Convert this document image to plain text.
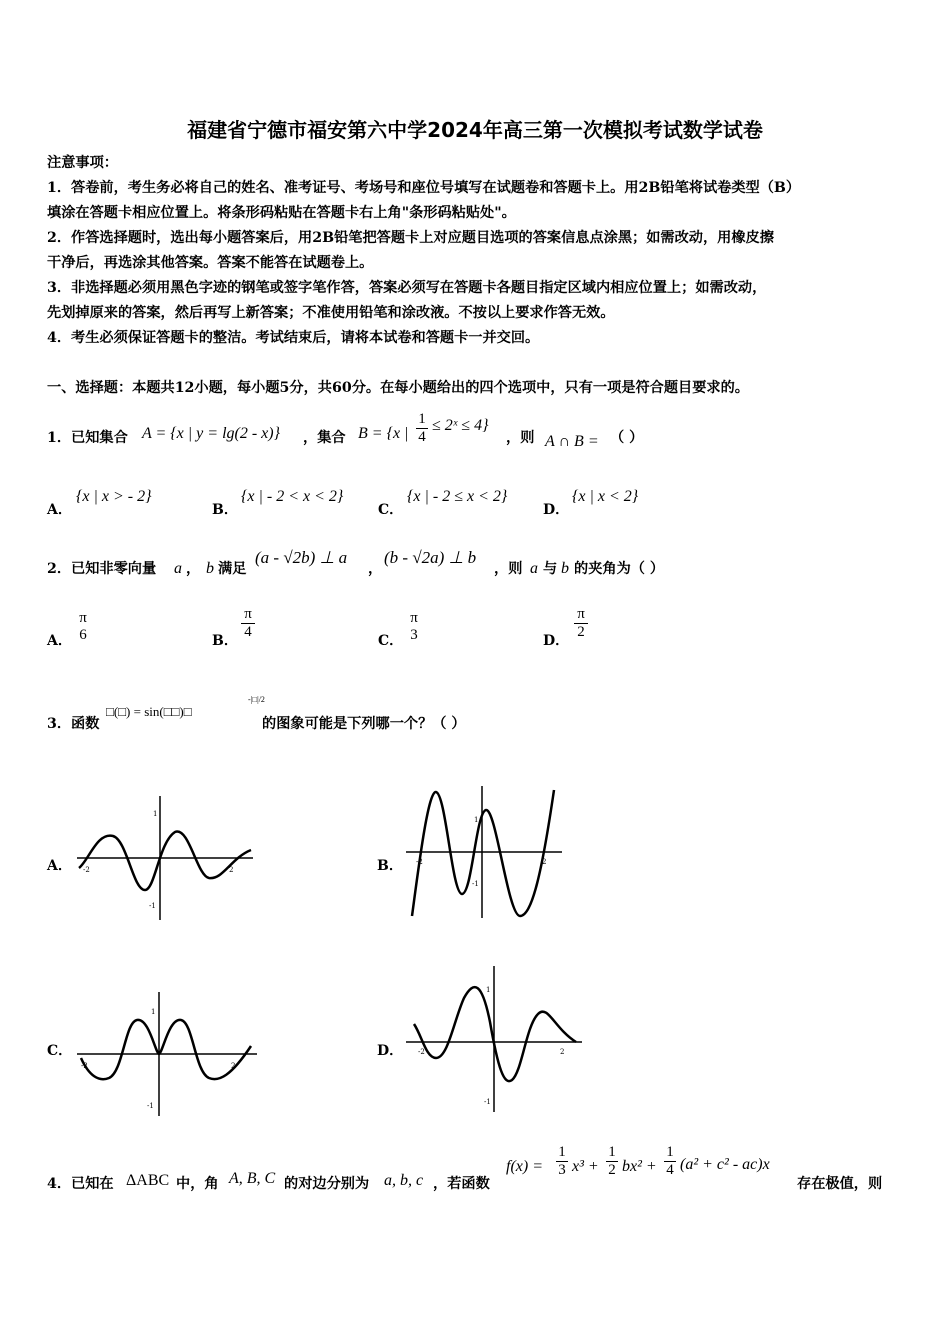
福建省宁德市福安第六中学2024年高三第一次模拟考试数学试卷
注意事项：
1．答卷前，考生务必将自己的姓名、准考证号、考场号和座位号填写在试题卷和答题卡上。用2B铅笔将试卷类型（B）
填涂在答题卡相应位置上。将条形码粘贴在答题卡右上角"条形码粘贴处"。
2．作答选择题时，选出每小题答案后，用2B铅笔把答题卡上对应题目选项的答案信息点涂黑；如需改动，用橡皮擦
干净后，再选涂其他答案。答案不能答在试题卷上。
3．非选择题必须用黑色字迹的钢笔或签字笔作答，答案必须写在答题卡各题目指定区域内相应位置上；如需改动，
先划掉原来的答案，然后再写上新答案；不准使用铅笔和涂改液。不按以上要求作答无效。
4．考生必须保证答题卡的整洁。考试结束后，请将本试卷和答题卡一并交回。
一、选择题：本题共12小题，每小题5分，共60分。在每小题给出的四个选项中，只有一项是符合题目要求的。
1．已知集合 A = {x | y = lg(2 - x)} ，集合 B = {x | $\frac{1}{4}$ ≤ 2ˣ ≤ 4}
，则 A ∩ B = （ ）
A．
{x | x > - 2}
B．
{x | - 2 < x < 2}
C．
{x | - 2 ≤ x < 2}
D．
{x | x < 2}
2．已知非零向量 a ， b 满足
(a - √2b) ⊥ a
，
(b - √2a) ⊥ b
，则 a 与 b 的夹角为（ ）
A．
π
6	B． $\frac{\pi}{4}$	C．
π
3	D． $\frac{\pi}{2}$
3．函数
□(□) = sin(□□)□
-|□|/2
的图象可能是下列哪一个？（ ）
A． -2	2
1
-1
B． -2	2
1
-1
C．
-2	2
1
-1
D． -2	2
1
-1
4．已知在 ΔABC 中，角 A, B, C 的对边分别为 a, b, c ，若函数
$f(x) = \frac{1}{3} x^3 + \frac{1}{2} bx^2 + \frac{1}{4} (a^2 + c^2 - ac)x$
存在极值，则
